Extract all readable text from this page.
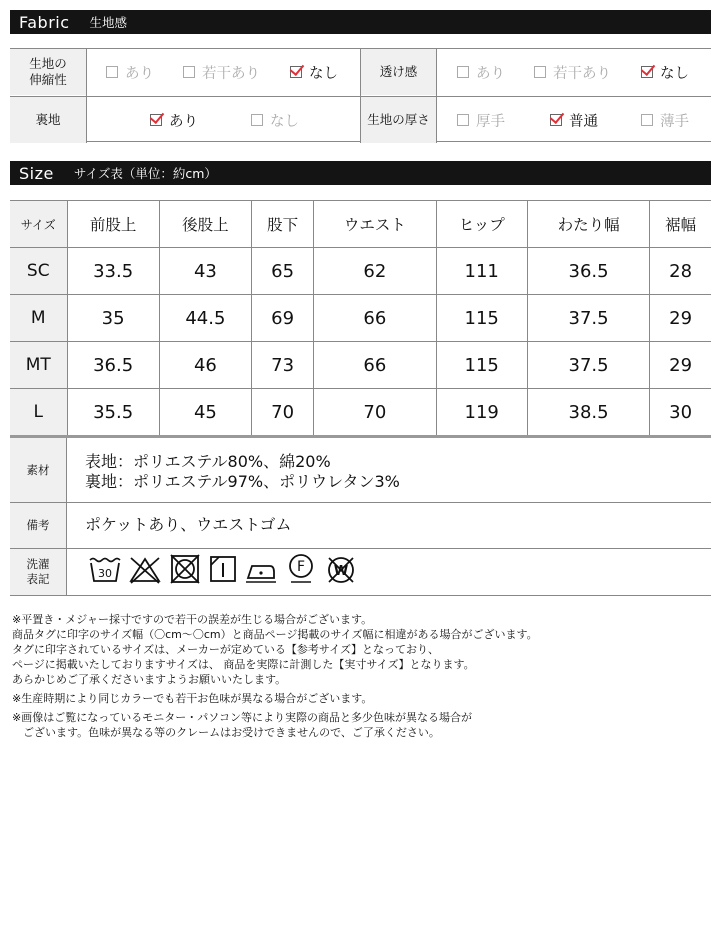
Fabric 生地感
生地の
伸縮性	あり	若干あり	なし	透け感	あり	若干あり	なし
裏地	あり	なし	生地の厚さ	厚手	普通	薄手
Size サイズ表（単位：約cm）
サイズ	前股上	後股上	股下	ウエスト	ヒップ	わたり幅	裾幅
SC	33.5	43	65	62	111	36.5	28
M	35	44.5	69	66	115	37.5	29
MT	36.5	46	73	66	115	37.5	29
L	35.5	45	70	70	119	38.5	30
素材	表地：ポリエステル80%、綿20%
裏地：ポリエステル97%、ポリウレタン3%
備考	ポケットあり、ウエストゴム
洗濯
表記	30	F W

※平置き・メジャー採寸ですので若干の誤差が生じる場合がございます。

商品タグに印字のサイズ幅（〇cm〜〇cm）と商品ページ掲載のサイズ幅に相違がある場合がございます。

タグに印字されているサイズは、メーカーが定めている【参考サイズ】となっており、

ページに掲載いたしておりますサイズは、 商品を実際に計測した【実寸サイズ】となります。

あらかじめご了承くださいますようお願いいたします。

※生産時期により同じカラーでも若干お色味が異なる場合がございます。

※画像はご覧になっているモニター・パソコン等により実際の商品と多少色味が異なる場合が

　ございます。色味が異なる等のクレームはお受けできませんので、ご了承ください。
